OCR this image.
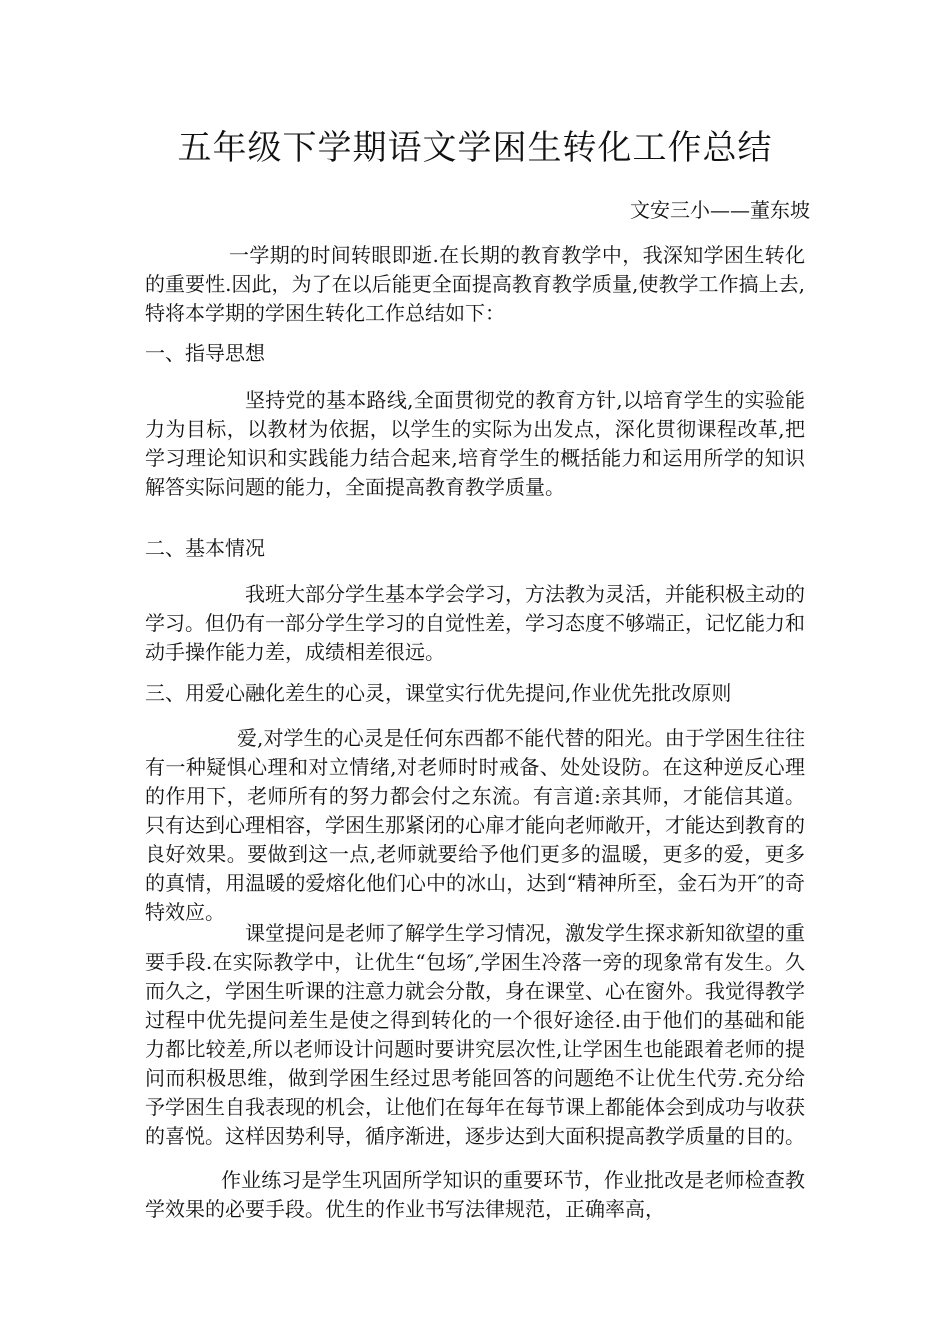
五年级下学期语文学困生转化工作总结
文安三小——董东坡

一学期的时间转眼即逝.在长期的教育教学中，我深知学困生转化的重要性.因此，为了在以后能更全面提高教育教学质量,使教学工作搞上去,特将本学期的学困生转化工作总结如下：

一、指导思想

坚持党的基本路线,全面贯彻党的教育方针,以培育学生的实验能力为目标，以教材为依据，以学生的实际为出发点，深化贯彻课程改革,把学习理论知识和实践能力结合起来,培育学生的概括能力和运用所学的知识解答实际问题的能力，全面提高教育教学质量。

二、基本情况

我班大部分学生基本学会学习，方法教为灵活，并能积极主动的学习。但仍有一部分学生学习的自觉性差，学习态度不够端正，记忆能力和动手操作能力差，成绩相差很远。

三、用爱心融化差生的心灵，课堂实行优先提问,作业优先批改原则

爱,对学生的心灵是任何东西都不能代替的阳光。由于学困生往往有一种疑惧心理和对立情绪,对老师时时戒备、处处设防。在这种逆反心理的作用下，老师所有的努力都会付之东流。有言道:亲其师，才能信其道。只有达到心理相容，学困生那紧闭的心扉才能向老师敞开，才能达到教育的良好效果。要做到这一点,老师就要给予他们更多的温暖，更多的爱，更多的真情，用温暖的爱熔化他们心中的冰山，达到“精神所至，金石为开″的奇特效应。

课堂提问是老师了解学生学习情况，激发学生探求新知欲望的重要手段.在实际教学中，让优生“包场″,学困生冷落一旁的现象常有发生。久而久之，学困生听课的注意力就会分散，身在课堂、心在窗外。我觉得教学过程中优先提问差生是使之得到转化的一个很好途径.由于他们的基础和能力都比较差,所以老师设计问题时要讲究层次性,让学困生也能跟着老师的提问而积极思维，做到学困生经过思考能回答的问题绝不让优生代劳.充分给予学困生自我表现的机会，让他们在每年在每节课上都能体会到成功与收获的喜悦。这样因势利导，循序渐进，逐步达到大面积提高教学质量的目的。

作业练习是学生巩固所学知识的重要环节，作业批改是老师检查教学效果的必要手段。优生的作业书写法律规范，正确率高，
